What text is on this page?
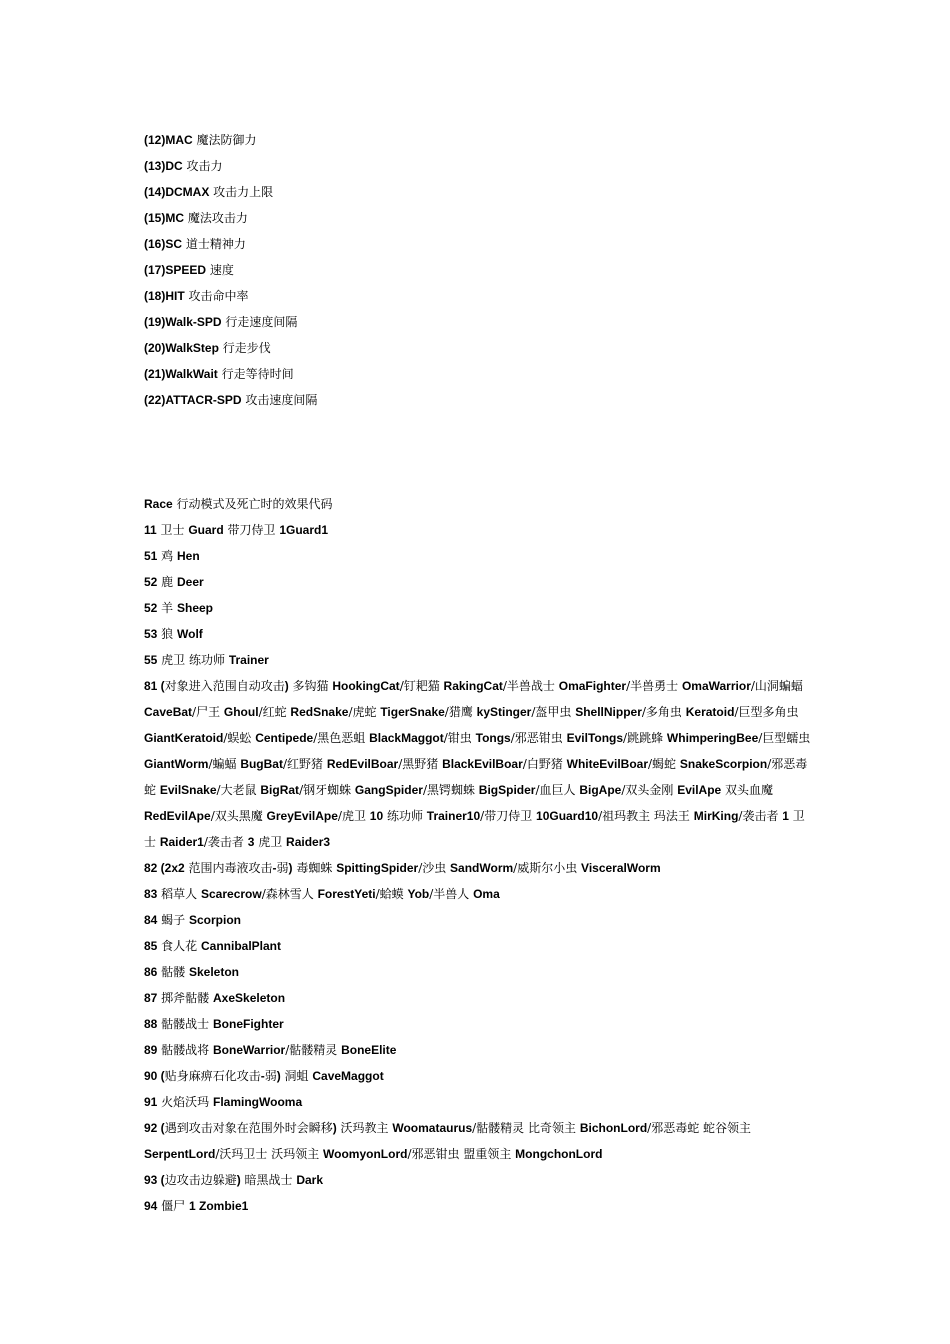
(12)MAC 魔法防御力
(13)DC 攻击力
(14)DCMAX 攻击力上限
(15)MC 魔法攻击力
(16)SC 道士精神力
(17)SPEED 速度
(18)HIT 攻击命中率
(19)Walk-SPD 行走速度间隔
(20)WalkStep 行走步伐
(21)WalkWait 行走等待时间
(22)ATTACR-SPD 攻击速度间隔
Race 行动模式及死亡时的效果代码
11 卫士 Guard 带刀侍卫 1Guard1
51 鸡 Hen
52 鹿 Deer
52 羊 Sheep
53 狼 Wolf
55 虎卫 练功师 Trainer
81 (对象进入范围自动攻击) 多钩猫 HookingCat/钉耙猫 RakingCat/半兽战士 OmaFighter/半兽勇士 OmaWarrior/山洞蝙蝠 CaveBat/尸王 Ghoul/红蛇 RedSnake/虎蛇 TigerSnake/猎鹰 kyStinger/盔甲虫 ShellNipper/多角虫 Keratoid/巨型多角虫 GiantKeratoid/蜈蚣 Centipede/黑色恶蛆 BlackMaggot/钳虫 Tongs/邪恶钳虫 EvilTongs/跳跳蜂 WhimperingBee/巨型蠕虫 GiantWorm/蝙蝠 BugBat/红野猪 RedEvilBoar/黑野猪 BlackEvilBoar/白野猪 WhiteEvilBoar/蝎蛇 SnakeScorpion/邪恶毒蛇 EvilSnake/大老鼠 BigRat/钢牙蜘蛛 GangSpider/黑锷蜘蛛 BigSpider/血巨人 BigApe/双头金刚 EvilApe 双头血魔 RedEvilApe/双头黑魔 GreyEvilApe/虎卫 10 练功师 Trainer10/带刀侍卫 10Guard10/祖玛教主 玛法王 MirKing/袭击者 1 卫士 Raider1/袭击者 3 虎卫 Raider3
82 (2x2 范围内毒液攻击-弱) 毒蜘蛛 SpittingSpider/沙虫 SandWorm/威斯尔小虫 VisceralWorm
83 稻草人 Scarecrow/森林雪人 ForestYeti/蛤蟆 Yob/半兽人 Oma
84 蝎子 Scorpion
85 食人花 CannibalPlant
86 骷髅 Skeleton
87 掷斧骷髅 AxeSkeleton
88 骷髅战士 BoneFighter
89 骷髅战将 BoneWarrior/骷髅精灵 BoneElite
90 (贴身麻痹石化攻击-弱) 洞蛆 CaveMaggot
91 火焰沃玛 FlamingWooma
92 (遇到攻击对象在范围外时会瞬移) 沃玛教主 Woomataurus/骷髅精灵 比奇领主 BichonLord/邪恶毒蛇 蛇谷领主 SerpentLord/沃玛卫士 沃玛领主 WoomyonLord/邪恶钳虫 盟重领主 MongchonLord
93 (边攻击边躲避) 暗黑战士 Dark
94 僵尸 1 Zombie1
